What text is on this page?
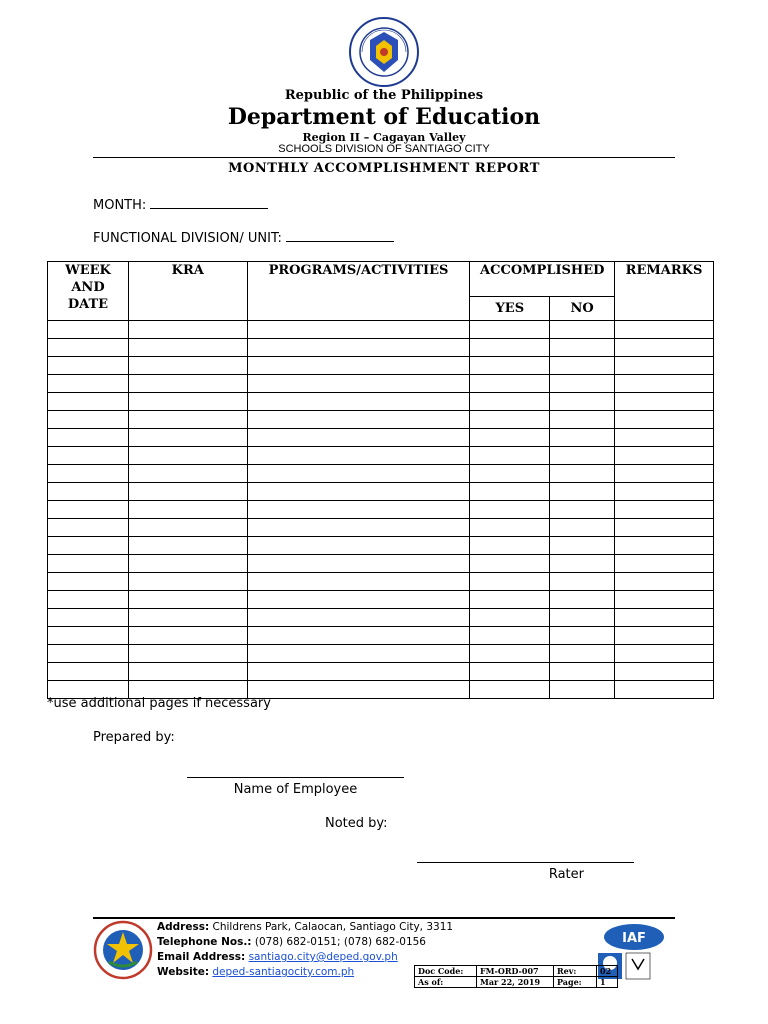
Republic of the Philippines
Department of Education
Region II – Cagayan Valley
SCHOOLS DIVISION OF SANTIAGO CITY
MONTHLY ACCOMPLISHMENT REPORT
MONTH:
FUNCTIONAL DIVISION/ UNIT:
WEEK AND DATE	KRA	PROGRAMS/ACTIVITIES	ACCOMPLISHED		REMARKS
			YES	NO	

*use additional pages if necessary
Prepared by:
Name of Employee
Noted by:
Rater
Address: Childrens Park, Calaocan, Santiago City, 3311
Telephone Nos.: (078) 682-0151; (078) 682-0156
Email Address: santiago.city@deped.gov.ph
Website: deped-santiagocity.com.ph
IAF
Doc Code:	FM-ORD-007	Rev:	02
As of:	Mar 22, 2019	Page:	1
